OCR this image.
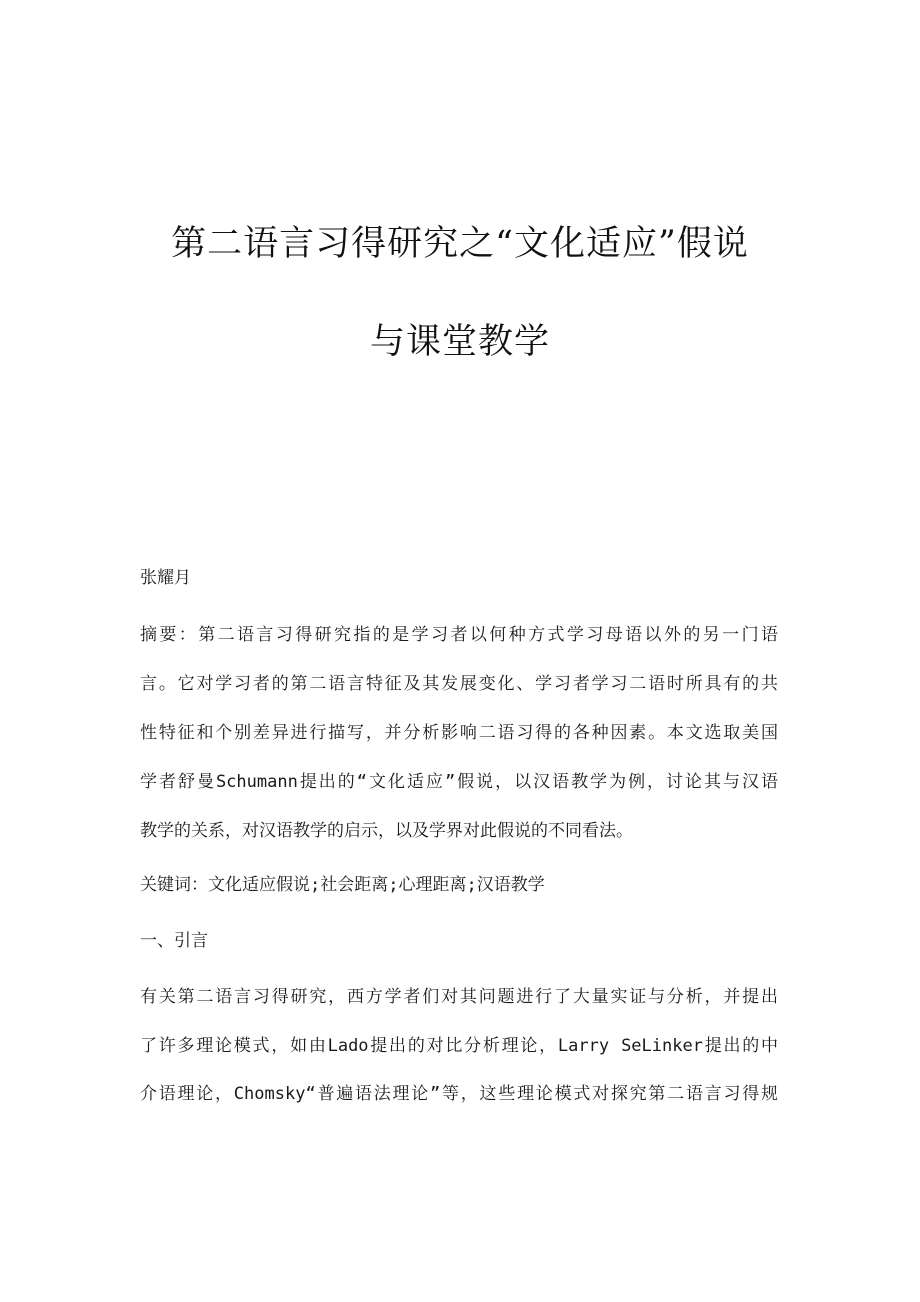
第二语言习得研究之“文化适应”假说
与课堂教学
张耀月
摘要：第二语言习得研究指的是学习者以何种方式学习母语以外的另一门语
言。它对学习者的第二语言特征及其发展变化、学习者学习二语时所具有的共
性特征和个别差异进行描写，并分析影响二语习得的各种因素。本文选取美国
学者舒曼Schumann提出的“文化适应”假说，以汉语教学为例，讨论其与汉语
教学的关系，对汉语教学的启示，以及学界对此假说的不同看法。
关键词：文化适应假说;社会距离;心理距离;汉语教学
一、引言
有关第二语言习得研究，西方学者们对其问题进行了大量实证与分析，并提出
了许多理论模式，如由Lado提出的对比分析理论，Larry SeLinker提出的中
介语理论，Chomsky“普遍语法理论”等，这些理论模式对探究第二语言习得规
